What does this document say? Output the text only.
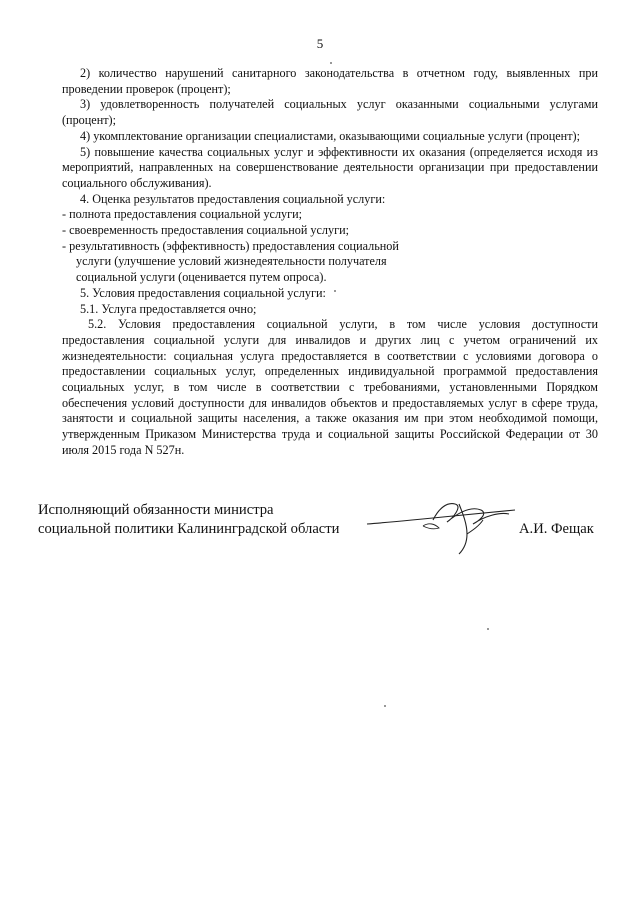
5

2) количество нарушений санитарного законодательства в отчетном году, выявленных при проведении проверок (процент);

3) удовлетворенность получателей социальных услуг оказанными социальными услугами (процент);

4) укомплектование организации специалистами, оказывающими социальные услуги (процент);

5) повышение качества социальных услуг и эффективности их оказания (определяется исходя из мероприятий, направленных на совершенствование деятельности организации при предоставлении социального обслуживания).

4. Оценка результатов предоставления социальной услуги:

- полнота предоставления социальной услуги;

- своевременность предоставления социальной услуги;

- результативность (эффективность) предоставления социальной

услуги (улучшение условий жизнедеятельности получателя

социальной услуги (оценивается путем опроса).

5. Условия предоставления социальной услуги:

5.1. Услуга предоставляется очно;

5.2. Условия предоставления социальной услуги, в том числе условия доступности предоставления социальной услуги для инвалидов и других лиц с учетом ограничений их жизнедеятельности: социальная услуга предоставляется в соответствии с условиями договора о предоставлении социальных услуг, определенных индивидуальной программой предоставления социальных услуг, в том числе в соответствии с требованиями, установленными Порядком обеспечения условий доступности для инвалидов объектов и предоставляемых услуг в сфере труда, занятости и социальной защиты населения, а также оказания им при этом необходимой помощи, утвержденным Приказом Министерства труда и социальной защиты Российской Федерации от 30 июля 2015 года N 527н.

Исполняющий обязанности министра
социальной политики Калининградской области	А.И. Фещак
